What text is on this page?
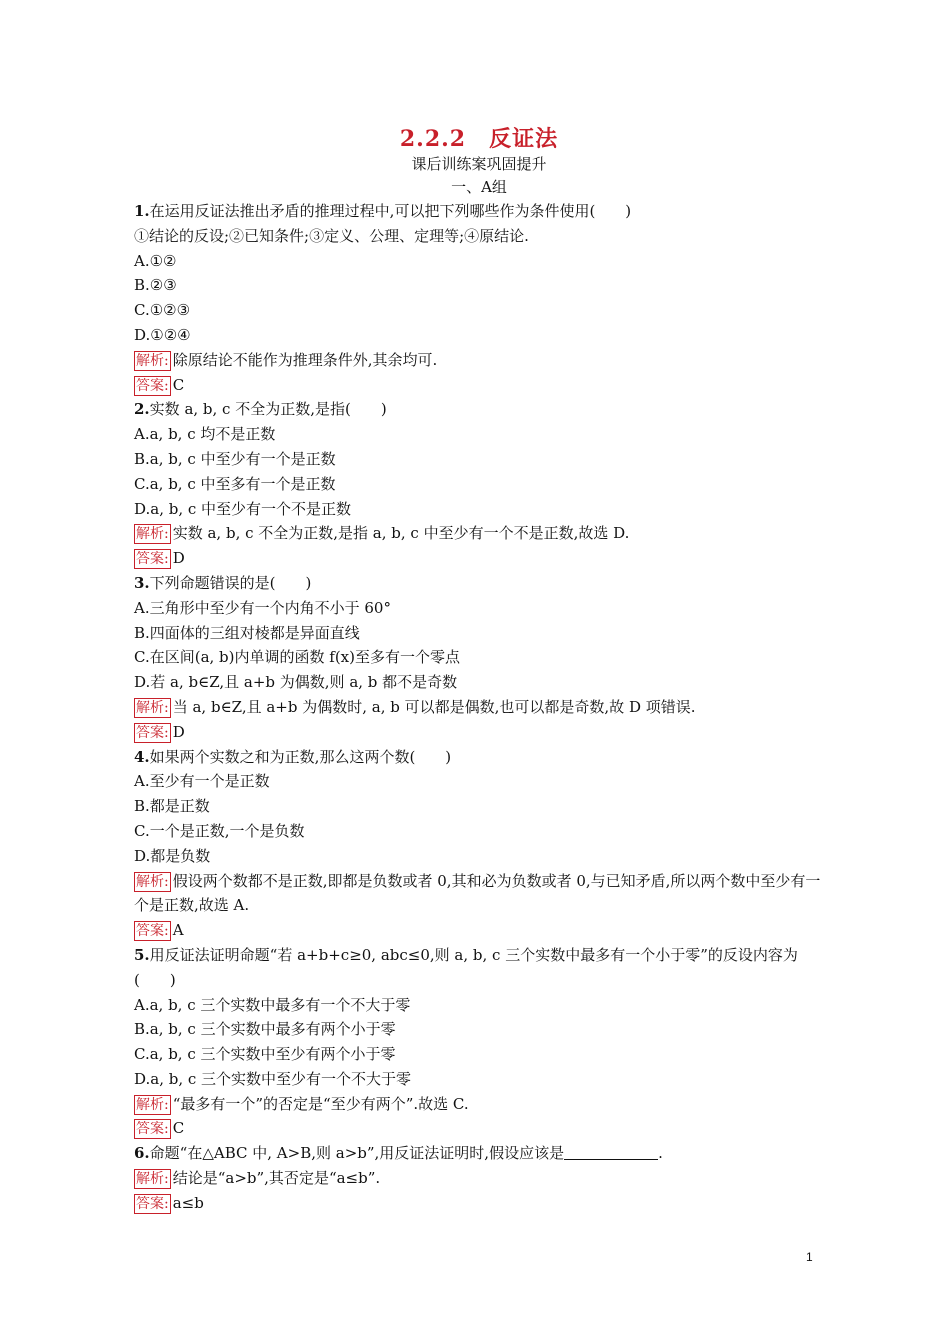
2.2.2　反证法
课后训练案巩固提升
一、A组
1.在运用反证法推出矛盾的推理过程中,可以把下列哪些作为条件使用(　　)
①结论的反设;②已知条件;③定义、公理、定理等;④原结论.
A.①②
B.②③
C.①②③
D.①②④
解析: 除原结论不能作为推理条件外,其余均可.
答案: C
2.实数 a, b, c 不全为正数,是指(　　)
A.a, b, c 均不是正数
B.a, b, c 中至少有一个是正数
C.a, b, c 中至多有一个是正数
D.a, b, c 中至少有一个不是正数
解析: 实数 a, b, c 不全为正数,是指 a, b, c 中至少有一个不是正数,故选 D.
答案: D
3.下列命题错误的是(　　)
A.三角形中至少有一个内角不小于 60°
B.四面体的三组对棱都是异面直线
C.在区间(a, b)内单调的函数 f(x)至多有一个零点
D.若 a, b∈Z,且 a+b 为偶数,则 a, b 都不是奇数
解析: 当 a, b∈Z,且 a+b 为偶数时, a, b 可以都是偶数,也可以都是奇数,故 D 项错误.
答案: D
4.如果两个实数之和为正数,那么这两个数(　　)
A.至少有一个是正数
B.都是正数
C.一个是正数,一个是负数
D.都是负数
解析: 假设两个数都不是正数,即都是负数或者 0,其和必为负数或者 0,与已知矛盾,所以两个数中至少有一个是正数,故选 A.
答案: A
5.用反证法证明命题“若 a+b+c≥0, abc≤0,则 a, b, c 三个实数中最多有一个小于零”的反设内容为(　　)
A.a, b, c 三个实数中最多有一个不大于零
B.a, b, c 三个实数中最多有两个小于零
C.a, b, c 三个实数中至少有两个小于零
D.a, b, c 三个实数中至少有一个不大于零
解析: “最多有一个”的否定是“至少有两个”.故选 C.
答案: C
6.命题“在△ABC 中, A>B,则 a>b”,用反证法证明时,假设应该是	.
解析: 结论是“a>b”,其否定是“a≤b”.
答案: a≤b
1
